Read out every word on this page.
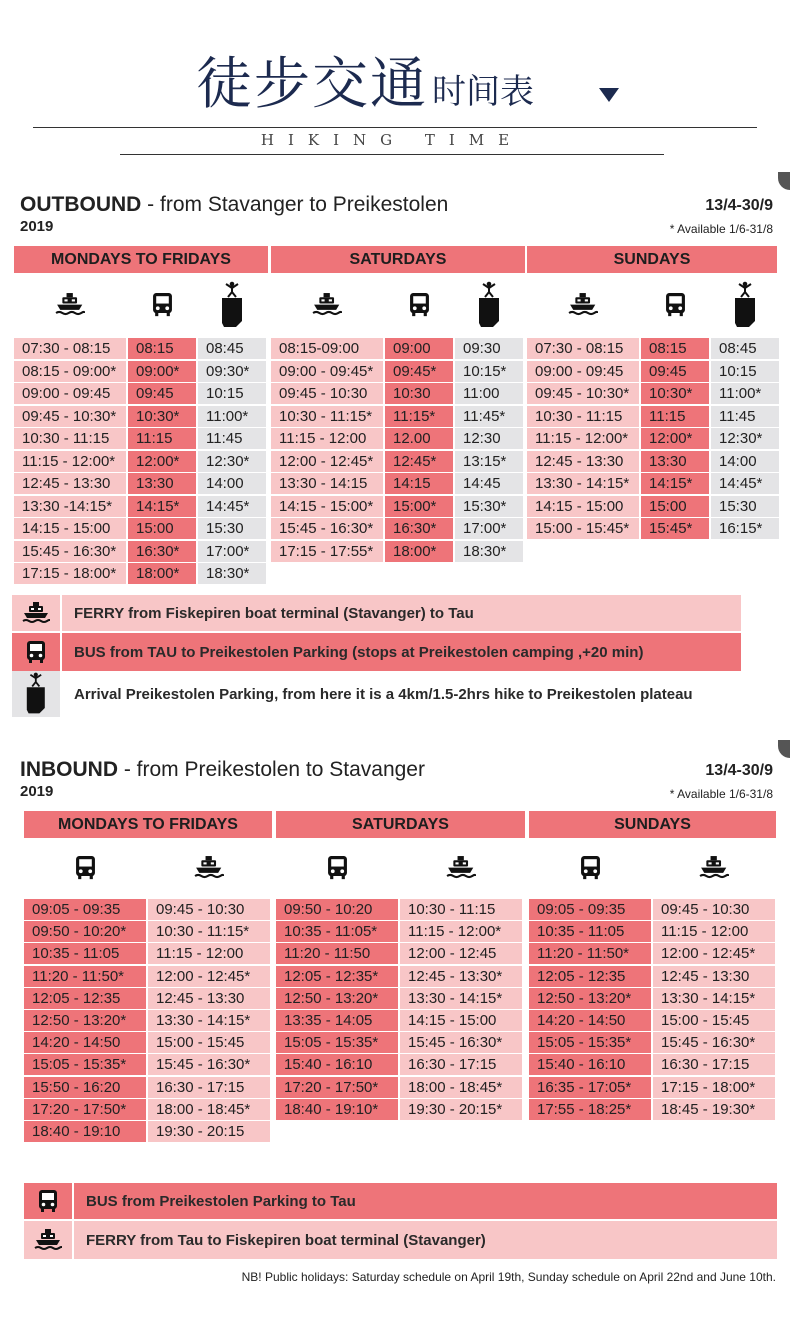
徒步交通 时间表
HIKING TIME
OUTBOUND - from Stavanger to Preikestolen
2019
13/4-30/9
* Available 1/6-31/8
MONDAYS TO FRIDAYS
07:30 - 08:15
08:15 - 09:00*
09:00 - 09:45
09:45 - 10:30*
10:30 - 11:15
11:15 - 12:00*
12:45 - 13:30
13:30 -14:15*
14:15 - 15:00
15:45 - 16:30*
17:15 - 18:00*
08:15
09:00*
09:45
10:30*
11:15
12:00*
13:30
14:15*
15:00
16:30*
18:00*
08:45
09:30*
10:15
11:00*
11:45
12:30*
14:00
14:45*
15:30
17:00*
18:30*
SATURDAYS
08:15-09:00
09:00 - 09:45*
09:45 - 10:30
10:30 - 11:15*
11:15 - 12:00
12:00 - 12:45*
13:30 - 14:15
14:15 - 15:00*
15:45 - 16:30*
17:15 - 17:55*
09:00
09:45*
10:30
11:15*
12.00
12:45*
14:15
15:00*
16:30*
18:00*
09:30
10:15*
11:00
11:45*
12:30
13:15*
14:45
15:30*
17:00*
18:30*
SUNDAYS
07:30 - 08:15
09:00 - 09:45
09:45 - 10:30*
10:30 - 11:15
11:15 - 12:00*
12:45 - 13:30
13:30 - 14:15*
14:15 - 15:00
15:00 - 15:45*
08:15
09:45
10:30*
11:15
12:00*
13:30
14:15*
15:00
15:45*
08:45
10:15
11:00*
11:45
12:30*
14:00
14:45*
15:30
16:15*
FERRY from Fiskepiren boat terminal (Stavanger) to Tau
BUS from TAU to Preikestolen Parking (stops at Preikestolen camping ,+20 min)
Arrival Preikestolen Parking, from here it is a 4km/1.5-2hrs hike to Preikestolen plateau
INBOUND - from Preikestolen to Stavanger
2019
13/4-30/9
* Available 1/6-31/8
MONDAYS TO FRIDAYS
09:05 - 09:35
09:50 - 10:20*
10:35 - 11:05
11:20 - 11:50*
12:05 - 12:35
12:50 - 13:20*
14:20 - 14:50
15:05 - 15:35*
15:50 - 16:20
17:20 - 17:50*
18:40 - 19:10
09:45 - 10:30
10:30 - 11:15*
11:15 - 12:00
12:00 - 12:45*
12:45 - 13:30
13:30 - 14:15*
15:00 - 15:45
15:45 - 16:30*
16:30 - 17:15
18:00 - 18:45*
19:30 - 20:15
SATURDAYS
09:50 - 10:20
10:35 - 11:05*
11:20 - 11:50
12:05 - 12:35*
12:50 - 13:20*
13:35 - 14:05
15:05 - 15:35*
15:40 - 16:10
17:20 - 17:50*
18:40 - 19:10*
10:30 - 11:15
11:15 - 12:00*
12:00 - 12:45
12:45 - 13:30*
13:30 - 14:15*
14:15 - 15:00
15:45 - 16:30*
16:30 - 17:15
18:00 - 18:45*
19:30 - 20:15*
SUNDAYS
09:05 - 09:35
10:35 - 11:05
11:20 - 11:50*
12:05 - 12:35
12:50 - 13:20*
14:20 - 14:50
15:05 - 15:35*
15:40 - 16:10
16:35 - 17:05*
17:55 - 18:25*
09:45 - 10:30
11:15 - 12:00
12:00 - 12:45*
12:45 - 13:30
13:30 - 14:15*
15:00 - 15:45
15:45 - 16:30*
16:30 - 17:15
17:15 - 18:00*
18:45 - 19:30*
BUS from Preikestolen Parking to Tau
FERRY from Tau to Fiskepiren boat terminal (Stavanger)
NB! Public holidays: Saturday schedule on April 19th, Sunday schedule on April 22nd and June 10th.
